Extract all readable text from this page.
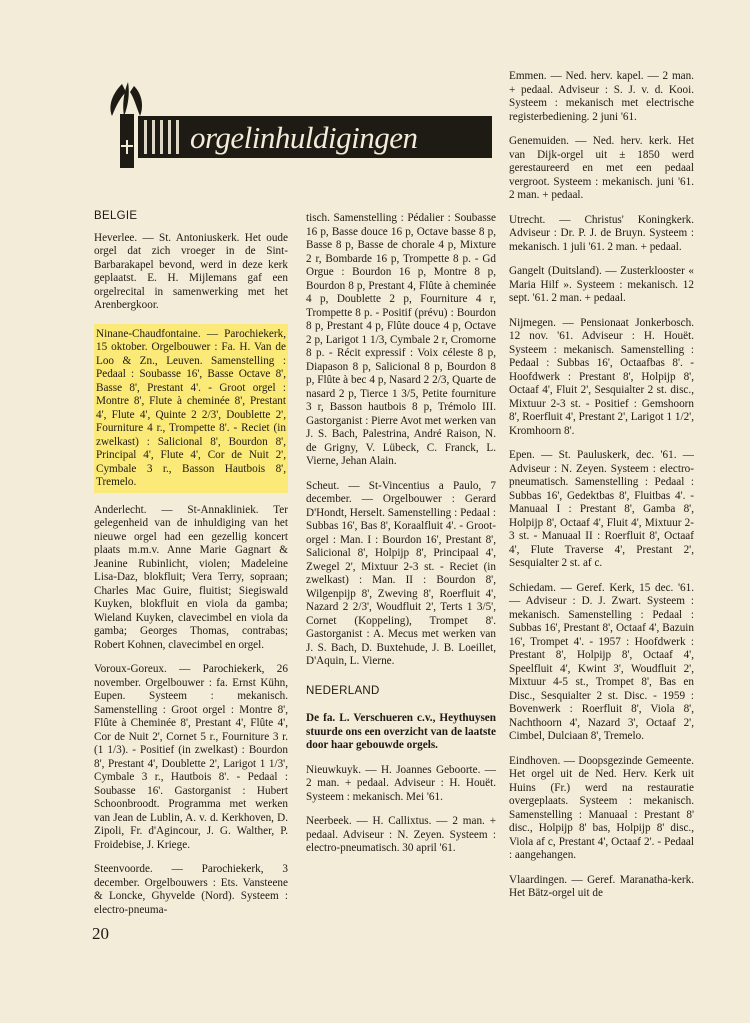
orgelinhuldigingen
BELGIE

Heverlee. — St. Antoniuskerk. Het oude orgel dat zich vroeger in de Sint-Barbarakapel bevond, werd in deze kerk geplaatst. E. H. Mijlemans gaf een orgelrecital in samenwerking met het Arenbergkoor.

Ninane-Chaudfontaine. — Parochiekerk, 15 oktober. Orgelbouwer : Fa. H. Van de Loo & Zn., Leuven. Samenstelling : Pedaal : Soubasse 16', Basse Octave 8', Basse 8', Prestant 4'. - Groot orgel : Montre 8', Flute à cheminée 8', Prestant 4', Flute 4', Quinte 2 2/3', Doublette 2', Fourniture 4 r., Trompette 8'. - Reciet (in zwelkast) : Salicional 8', Bourdon 8', Principal 4', Flute 4', Cor de Nuit 2', Cymbale 3 r., Basson Hautbois 8', Tremelo.

Anderlecht. — St-Annakliniek. Ter gelegenheid van de inhuldiging van het nieuwe orgel had een gezellig koncert plaats m.m.v. Anne Marie Gagnart & Jeanine Rubinlicht, violen; Madeleine Lisa-Daz, blokfluit; Vera Terry, sopraan; Charles Mac Guire, fluitist; Siegiswald Kuyken, blokfluit en viola da gamba; Wieland Kuyken, clavecimbel en viola da gamba; Georges Thomas, contrabas; Robert Kohnen, clavecimbel en orgel.

Voroux-Goreux. — Parochiekerk, 26 november. Orgelbouwer : fa. Ernst Kühn, Eupen. Systeem : mekanisch. Samenstelling : Groot orgel : Montre 8', Flûte à Cheminée 8', Prestant 4', Flûte 4', Cor de Nuit 2', Cornet 5 r., Fourniture 3 r. (1 1/3). - Positief (in zwelkast) : Bourdon 8', Prestant 4', Doublette 2', Larigot 1 1/3', Cymbale 3 r., Hautbois 8'. - Pedaal : Soubasse 16'. Gastorganist : Hubert Schoonbroodt. Programma met werken van Jean de Lublin, A. v. d. Kerkhoven, D. Zipoli, Fr. d'Agincour, J. G. Walther, P. Froidebise, J. Kriege.

Steenvoorde. — Parochiekerk, 3 december. Orgelbouwers : Ets. Vansteene & Loncke, Ghyvelde (Nord). Systeem : electro-pneuma-

tisch. Samenstelling : Pédalier : Soubasse 16 p, Basse douce 16 p, Octave basse 8 p, Basse 8 p, Basse de chorale 4 p, Mixture 2 r, Bombarde 16 p, Trompette 8 p. - Gd Orgue : Bourdon 16 p, Montre 8 p, Bourdon 8 p, Prestant 4, Flûte à cheminée 4 p, Doublette 2 p, Fourniture 4 r, Trompette 8 p. - Positif (prévu) : Bourdon 8 p, Prestant 4 p, Flûte douce 4 p, Octave 2 p, Larigot 1 1/3, Cymbale 2 r, Cromorne 8 p. - Récit expressif : Voix céleste 8 p, Diapason 8 p, Salicional 8 p, Bourdon 8 p, Flûte à bec 4 p, Nasard 2 2/3, Quarte de nasard 2 p, Tierce 1 3/5, Petite fourniture 3 r, Basson hautbois 8 p, Trémolo III. Gastorganist : Pierre Avot met werken van J. S. Bach, Palestrina, André Raison, N. de Grigny, V. Lübeck, C. Franck, L. Vierne, Jehan Alain.

Scheut. — St-Vincentius a Paulo, 7 december. — Orgelbouwer : Gerard D'Hondt, Herselt. Samenstelling : Pedaal : Subbas 16', Bas 8', Koraalfluit 4'. - Groot-orgel : Man. I : Bourdon 16', Prestant 8', Salicional 8', Holpijp 8', Principaal 4', Zwegel 2', Mixtuur 2-3 st. - Reciet (in zwelkast) : Man. II : Bourdon 8', Wilgenpijp 8', Zweving 8', Roerfluit 4', Nazard 2 2/3', Woudfluit 2', Terts 1 3/5', Cornet (Koppeling), Trompet 8'. Gastorganist : A. Mecus met werken van J. S. Bach, D. Buxtehude, J. B. Loeillet, D'Aquin, L. Vierne.

NEDERLAND

De fa. L. Verschueren c.v., Heythuysen stuurde ons een overzicht van de laatste door haar gebouwde orgels.

Nieuwkuyk. — H. Joannes Geboorte. — 2 man. + pedaal. Adviseur : H. Houët. Systeem : mekanisch. Mei '61.

Neerbeek. — H. Callixtus. — 2 man. + pedaal. Adviseur : N. Zeyen. Systeem : electro-pneumatisch. 30 april '61.

Emmen. — Ned. herv. kapel. — 2 man. + pedaal. Adviseur : S. J. v. d. Kooi. Systeem : mekanisch met electrische registerbediening. 2 juni '61.

Genemuiden. — Ned. herv. kerk. Het van Dijk-orgel uit ± 1850 werd gerestaureerd en met een pedaal vergroot. Systeem : mekanisch. juni '61. 2 man. + pedaal.

Utrecht. — Christus' Koningkerk. Adviseur : Dr. P. J. de Bruyn. Systeem : mekanisch. 1 juli '61. 2 man. + pedaal.

Gangelt (Duitsland). — Zusterklooster « Maria Hilf ». Systeem : mekanisch. 12 sept. '61. 2 man. + pedaal.

Nijmegen. — Pensionaat Jonkerbosch. 12 nov. '61. Adviseur : H. Houët. Systeem : mekanisch. Samenstelling : Pedaal : Subbas 16', Octaafbas 8'. - Hoofdwerk : Prestant 8', Holpijp 8', Octaaf 4', Fluit 2', Sesquialter 2 st. disc., Mixtuur 2-3 st. - Positief : Gemshoorn 8', Roerfluit 4', Prestant 2', Larigot 1 1/2', Kromhoorn 8'.

Epen. — St. Pauluskerk, dec. '61. — Adviseur : N. Zeyen. Systeem : electro-pneumatisch. Samenstelling : Pedaal : Subbas 16', Gedektbas 8', Fluitbas 4'. - Manuaal I : Prestant 8', Gamba 8', Holpijp 8', Octaaf 4', Fluit 4', Mixtuur 2-3 st. - Manuaal II : Roerfluit 8', Octaaf 4', Flute Traverse 4', Prestant 2', Sesquialter 2 st. af c.

Schiedam. — Geref. Kerk, 15 dec. '61. — Adviseur : D. J. Zwart. Systeem : mekanisch. Samenstelling : Pedaal : Subbas 16', Prestant 8', Octaaf 4', Bazuin 16', Trompet 4'. - 1957 : Hoofdwerk : Prestant 8', Holpijp 8', Octaaf 4', Speelfluit 4', Kwint 3', Woudfluit 2', Mixtuur 4-5 st., Trompet 8', Bas en Disc., Sesquialter 2 st. Disc. - 1959 : Bovenwerk : Roerfluit 8', Viola 8', Nachthoorn 4', Nazard 3', Octaaf 2', Cimbel, Dulciaan 8', Tremelo.

Eindhoven. — Doopsgezinde Gemeente. Het orgel uit de Ned. Herv. Kerk uit Huins (Fr.) werd na restauratie overgeplaats. Systeem : mekanisch. Samenstelling : Manuaal : Prestant 8' disc., Holpijp 8' bas, Holpijp 8' disc., Viola af c, Prestant 4', Octaaf 2'. - Pedaal : aangehangen.

Vlaardingen. — Geref. Maranatha-kerk. Het Bätz-orgel uit de

20
